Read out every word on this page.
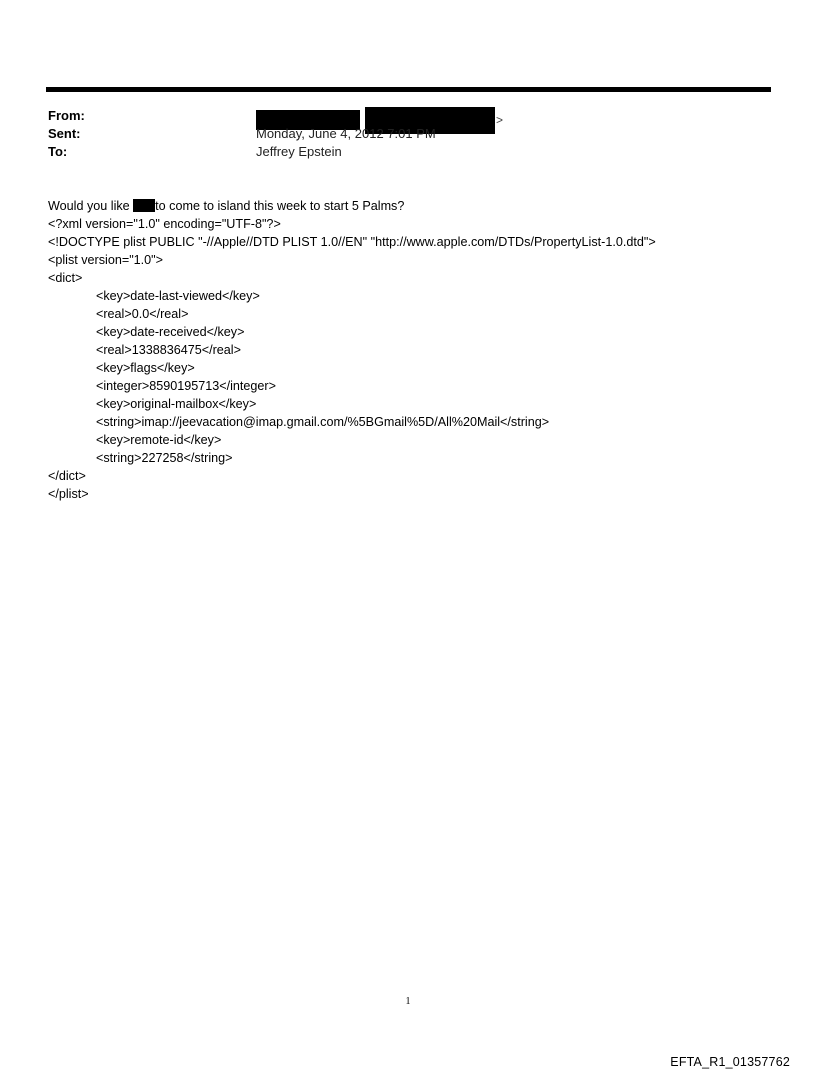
From:	>
Sent:	Monday, June 4, 2012 7:01 PM
To:	Jeffrey Epstein
Would you like to come to island this week to start 5 Palms?
<?xml version="1.0" encoding="UTF-8"?>
<!DOCTYPE plist PUBLIC "-//Apple//DTD PLIST 1.0//EN" "http://www.apple.com/DTDs/PropertyList-1.0.dtd">
<plist version="1.0">
<dict>
<key>date-last-viewed</key>
<real>0.0</real>
<key>date-received</key>
<real>1338836475</real>
<key>flags</key>
<integer>8590195713</integer>
<key>original-mailbox</key>
<string>imap://jeevacation@imap.gmail.com/%5BGmail%5D/All%20Mail</string>
<key>remote-id</key>
<string>227258</string>
</dict>
</plist>
1
EFTA_R1_01357762
